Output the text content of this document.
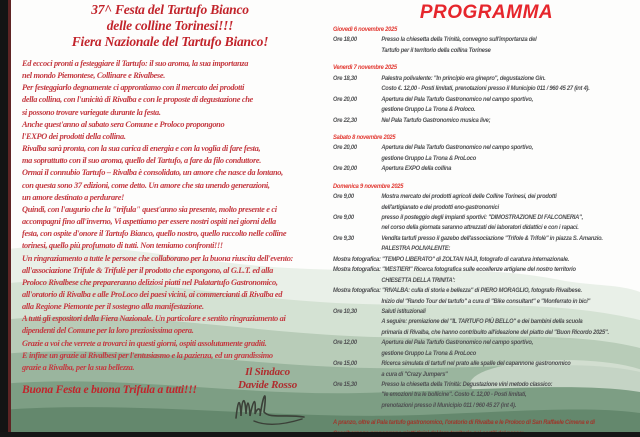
37^ Festa del Tartufo Bianco
delle colline Torinesi!!!
Fiera Nazionale del Tartufo Bianco!
Ed eccoci pronti a festeggiare il Tartufo: il suo aroma, la sua importanza
nel mondo Piemontese, Collinare e Rivalbese.
Per festeggiarlo degnamente ci approntiamo con il mercato dei prodotti
della collina, con l'unicità di Rivalba e con le proposte di degustazione che
si possono trovare variegate durante la festa.
Anche quest'anno al sabato sera Comune e Proloco propongono
l'EXPO dei prodotti della collina.
Rivalba sarà pronta, con la sua carica di energia e con la voglia di fare festa,
ma soprattutto con il suo aroma, quello del Tartufo, a fare da filo conduttore.
Ormai il connubio Tartufo – Rivalba è consolidato, un amore che nasce da lontano,
con questa sono 37 edizioni, come detto. Un amore che sta unendo generazioni,
un amore destinato a perdurare!
Quindi, con l'augurio che la "trifula" quest'anno sia presente, molto presente e ci
accompagni fino all'inverno, Vi aspettiamo per essere nostri ospiti nei giorni della
festa, con ospite d'onore il Tartufo Bianco, quello nostro, quello raccolto nelle colline
torinesi, quello più profumato di tutti. Non temiamo confronti!!!
Un ringraziamento a tutte le persone che collaborano per la buona riuscita dell'evento:
all'associazione Trifule & Trifulè per il prodotto che espongono, al G.L.T. ed alla
Proloco Rivalbese che prepareranno deliziosi piatti nel Palatartufo Gastronomico,
all'oratorio di Rivalba e alle ProLoco dei paesi vicini, ai commercianti di Rivalba ed
alla Regione Piemonte per il sostegno alla manifestazione.
A tutti gli espositori della Fiera Nazionale. Un particolare e sentito ringraziamento ai
dipendenti del Comune per la loro preziosissima opera.
Grazie a voi che verrete a trovarci in questi giorni, ospiti assolutamente graditi.
E infine un grazie ai Rivalbesi per l'entusiasmo e la pazienza, ed un grandissimo
grazie a Rivalba, per la sua bellezza.
Buona Festa e buona Trifula a tutti!!!
Il Sindaco
Davide Rosso
PROGRAMMA
Giovedì 6 novembre 2025
Ore 18,00	Presso la chiesetta della Trinità, convegno sull'importanza del
Tartufo per il territorio della collina Torinese
Venerdì 7 novembre 2025
Ore 18,30	Palestra polivalente: "In principio era ginepro", degustazione Gin.
Costo €. 12,00 - Posti limitati, prenotazioni presso il Municipio 011 / 960 45 27 (int 4).
Ore 20,00	Apertura del Pala Tartufo Gastronomico nel campo sportivo,
gestione Gruppo La Trona & Proloco.
Ore 22,30	Nel Pala Tartufo Gastronomico musica live;
Sabato 8 novembre 2025
Ore 20,00	Apertura del Pala Tartufo Gastronomico nel campo sportivo,
gestione Gruppo La Trona & ProLoco
Ore 20,00	Apertura EXPO della collina
Domenica 9 novembre 2025
Ore 9,00	Mostra mercato dei prodotti agricoli delle Colline Torinesi, dei prodotti
dell'artigianato e dei prodotti eno-gastronomici
Ore 9,00	presso il posteggio degli impianti sportivi: "DIMOSTRAZIONE DI FALCONERIA",
nel corso della giornata saranno attrezzati dei laboratori didattici e con i rapaci.
Ore 9,30	Vendita tartufi presso il gazebo dell'associazione "Trifole & Trifolè" in piazza S. Amanzio.
PALESTRA POLIVALENTE:
Mostra fotografica: "TEMPO LIBERATO" di ZOLTAN NAJI, fotografo di caratura internazionale.
Mostra fotografica: "MESTIERI" Ricerca fotografica sulle eccellenze artigiane del nostro territorio
CHIESETTA DELLA TRINITA':
Mostra fotografica: "RIVALBA: culla di storia e bellezza" di PIERO MORAGLIO, fotografo Rivalbese.
Inizio del "Rando Tour del tartufo" a cura di "Bike consultant" e "Monferrato in bici"
Ore 10,30	Saluti istituzionali
A seguire: premiazione del "IL TARTUFO PIÙ BELLO" e dei bambini della scuola
primaria di Rivalba, che hanno contribuito all'ideazione del piatto del "Buon Ricordo 2025".
Ore 12,00	Apertura del Pala Tartufo Gastronomico nel campo sportivo,
gestione Gruppo La Trona & ProLoco
Ore 15,00	Ricerca simulata di tartufi nel prato alle spalle del capannone gastronomico
a cura di "Crazy Jumpers"
Ore 15,30	Presso la chiesetta della Trinità: Degustazione vini metodo classico:
"le emozioni tra le bollicine". Costo €. 12,00 - Posti limitati,
prenotazioni presso il Municipio 011 / 960 45 27 (int 4).
A pranzo, oltre al Pala tartufo gastronomico, l'oratorio di Rivalba e le Proloco di San Raffaele Cimena e di
